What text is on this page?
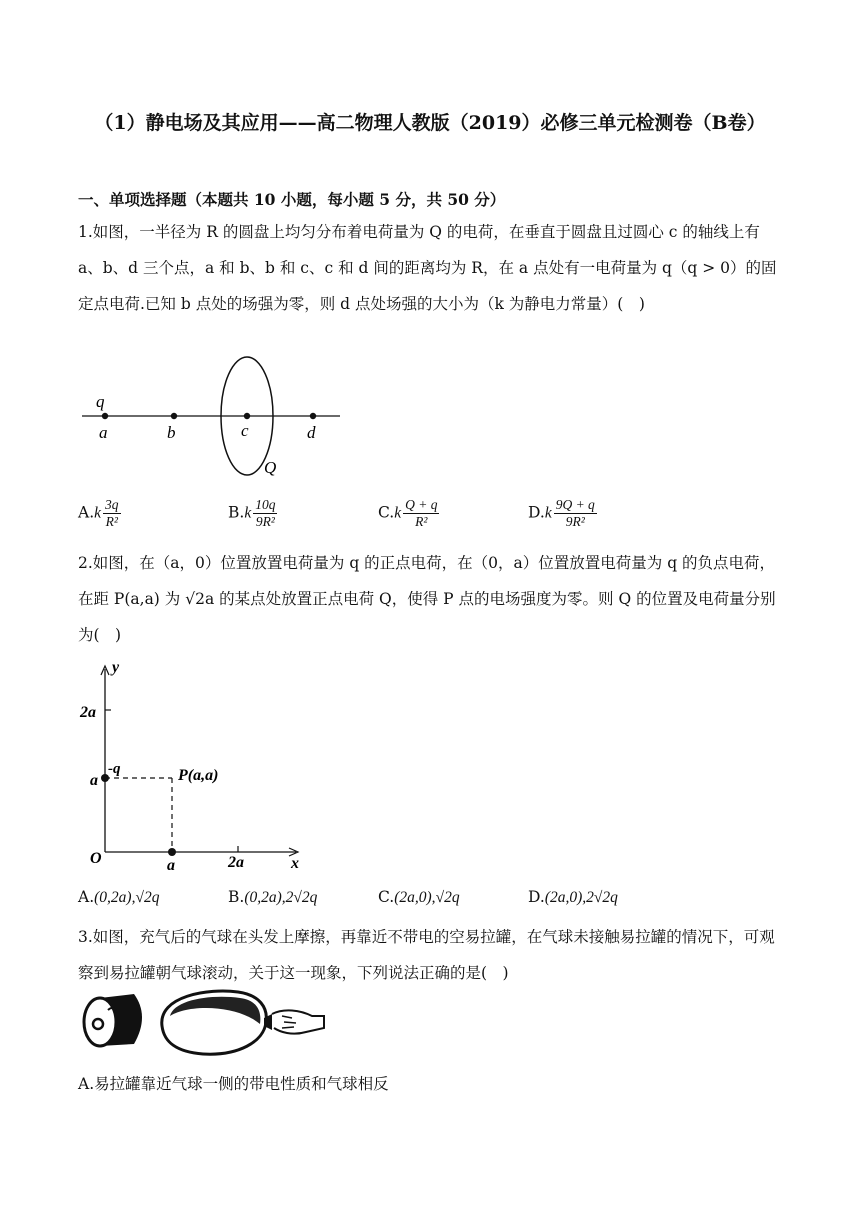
（1）静电场及其应用——高二物理人教版（2019）必修三单元检测卷（B卷）
一、单项选择题（本题共 10 小题，每小题 5 分，共 50 分）
1.如图，一半径为 R 的圆盘上均匀分布着电荷量为 Q 的电荷，在垂直于圆盘且过圆心 c 的轴线上有 a、b、d 三个点，a 和 b、b 和 c、c 和 d 间的距离均为 R，在 a 点处有一电荷量为 q（q > 0）的固定点电荷.已知 b 点处的场强为零，则 d 点处场强的大小为（k 为静电力常量）(　)
q
a	b	c	d
Q
$A.k \frac{3q}{\text{R²}}$	$B.k \frac{10q}{\text{9R²}}$	$C.k \frac{Q + q}{\text{R²}}$	$D.k \frac{9Q + q}{\text{9R²}}$
2.如图，在（a，0）位置放置电荷量为 q 的正点电荷，在（0，a）位置放置电荷量为 q 的负点电荷，在距 P(a,a) 为 √2a 的某点处放置正点电荷 Q，使得 P 点的电场强度为零。则 Q 的位置及电荷量分别为(　)
y
x
2a
a
-q	P(a,a)
O	a	2a
A.(0,2a),√2q	B.(0,2a),2√2q	C.(2a,0),√2q	D.(2a,0),2√2q
3.如图，充气后的气球在头发上摩擦，再靠近不带电的空易拉罐，在气球未接触易拉罐的情况下，可观察到易拉罐朝气球滚动，关于这一现象，下列说法正确的是(　)
A.易拉罐靠近气球一侧的带电性质和气球相反
